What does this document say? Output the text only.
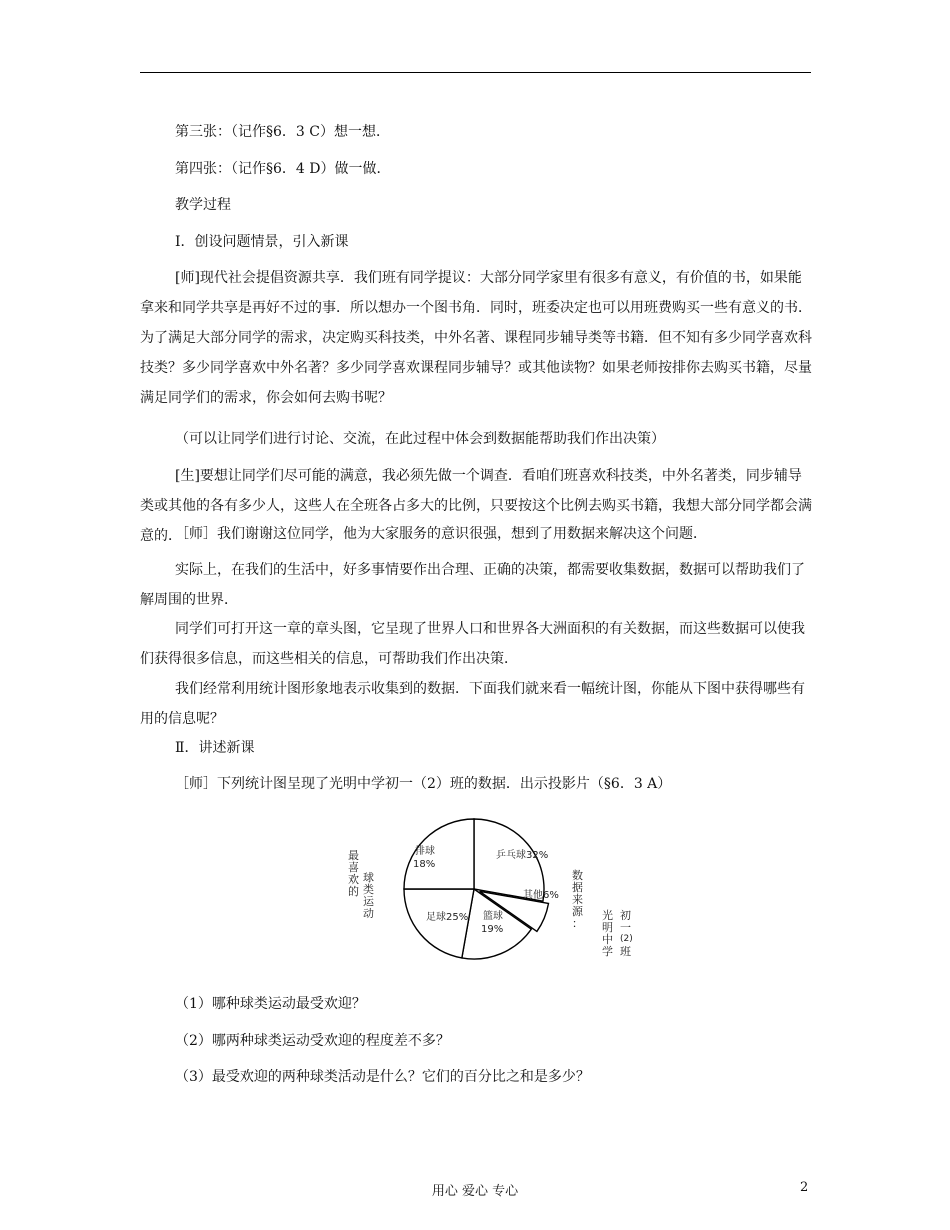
第三张：（记作§6．3 C）想一想．

第四张：（记作§6．4 D）做一做．

教学过程

Ⅰ．创设问题情景，引入新课

[师]现代社会提倡资源共享．我们班有同学提议：大部分同学家里有很多有意义，有价值的书，如果能拿来和同学共享是再好不过的事．所以想办一个图书角．同时，班委决定也可以用班费购买一些有意义的书．为了满足大部分同学的需求，决定购买科技类，中外名著、课程同步辅导类等书籍．但不知有多少同学喜欢科技类？多少同学喜欢中外名著？多少同学喜欢课程同步辅导？或其他读物？如果老师按排你去购买书籍，尽量满足同学们的需求，你会如何去购书呢？

（可以让同学们进行讨论、交流，在此过程中体会到数据能帮助我们作出决策）

[生]要想让同学们尽可能的满意，我必须先做一个调查．看咱们班喜欢科技类，中外名著类，同步辅导类或其他的各有多少人，这些人在全班各占多大的比例，只要按这个比例去购买书籍，我想大部分同学都会满意的．

［师］我们谢谢这位同学，他为大家服务的意识很强，想到了用数据来解决这个问题．

实际上，在我们的生活中，好多事情要作出合理、正确的决策，都需要收集数据，数据可以帮助我们了解周围的世界．

同学们可打开这一章的章头图，它呈现了世界人口和世界各大洲面积的有关数据，而这些数据可以使我们获得很多信息，而这些相关的信息，可帮助我们作出决策．

我们经常利用统计图形象地表示收集到的数据．下面我们就来看一幅统计图，你能从下图中获得哪些有用的信息呢？

Ⅱ．讲述新课

［师］下列统计图呈现了光明中学初一（2）班的数据．出示投影片（§6．3 A）

最
喜
欢
的
球
类
运
动
乒乓球32%
其他6%
篮球 19%
足球25%
排球 18%
数
据
来
源
：
光
明
中
学
初
一
(2)
班

（1）哪种球类运动最受欢迎？

（2）哪两种球类运动受欢迎的程度差不多？

（3）最受欢迎的两种球类活动是什么？它们的百分比之和是多少？

用心 爱心 专心	2
